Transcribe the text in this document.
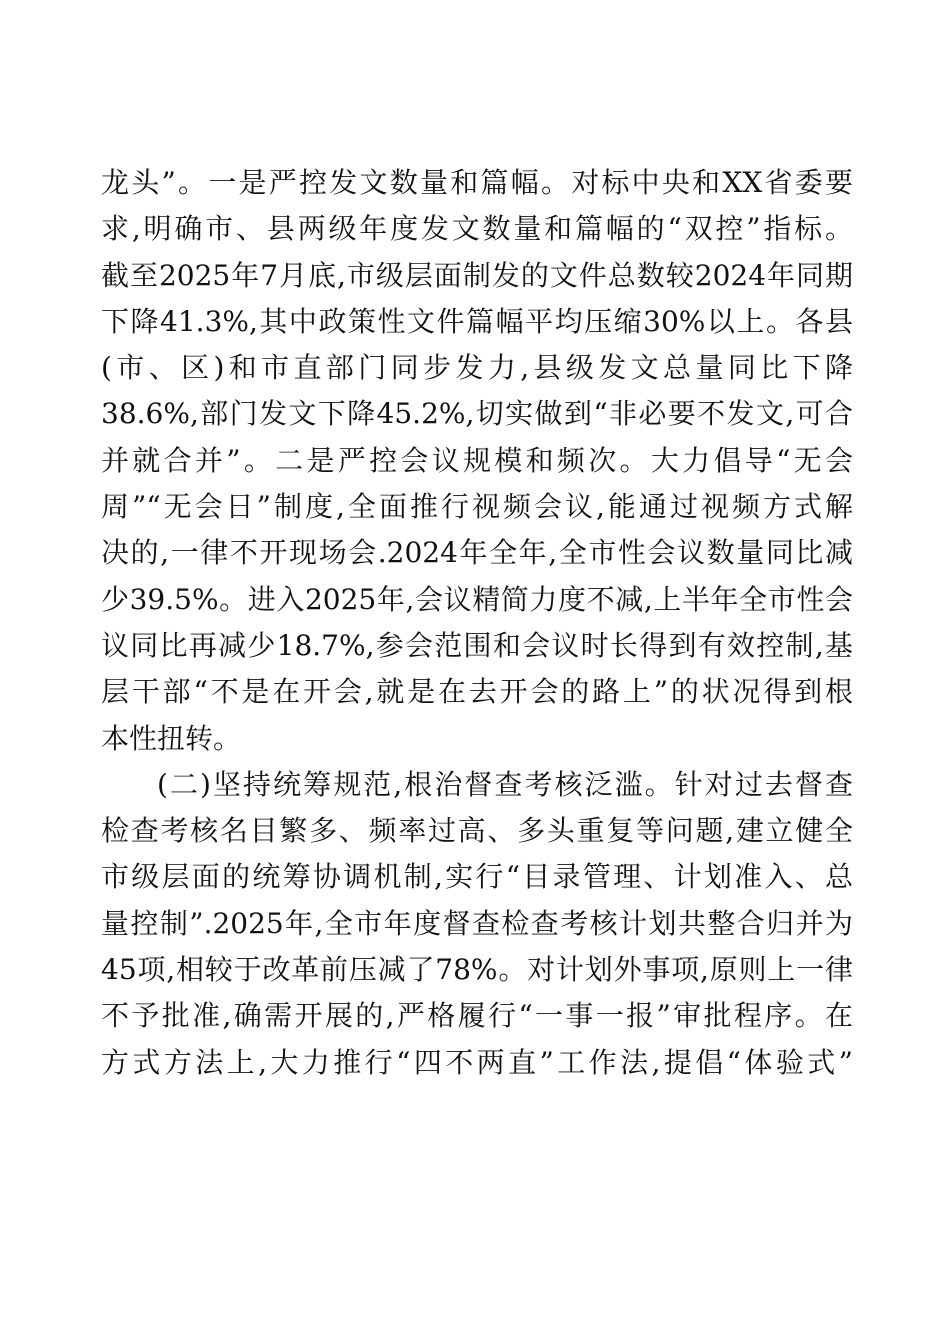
龙头”。一是严控发文数量和篇幅。对标中央和XX省委要
求,明确市、县两级年度发文数量和篇幅的“双控”指标。
截至2025年7月底,市级层面制发的文件总数较2024年同期
下降41.3%,其中政策性文件篇幅平均压缩30%以上。各县
(市、区)和市直部门同步发力,县级发文总量同比下降
38.6%,部门发文下降45.2%,切实做到“非必要不发文,可合
并就合并”。二是严控会议规模和频次。大力倡导“无会
周”“无会日”制度,全面推行视频会议,能通过视频方式解
决的,一律不开现场会.2024年全年,全市性会议数量同比减
少39.5%。进入2025年,会议精简力度不减,上半年全市性会
议同比再减少18.7%,参会范围和会议时长得到有效控制,基
层干部“不是在开会,就是在去开会的路上”的状况得到根
本性扭转。
(二)坚持统筹规范,根治督查考核泛滥。针对过去督查
检查考核名目繁多、频率过高、多头重复等问题,建立健全
市级层面的统筹协调机制,实行“目录管理、计划准入、总
量控制”.2025年,全市年度督查检查考核计划共整合归并为
45项,相较于改革前压减了78%。对计划外事项,原则上一律
不予批准,确需开展的,严格履行“一事一报”审批程序。在
方式方法上,大力推行“四不两直”工作法,提倡“体验式”
